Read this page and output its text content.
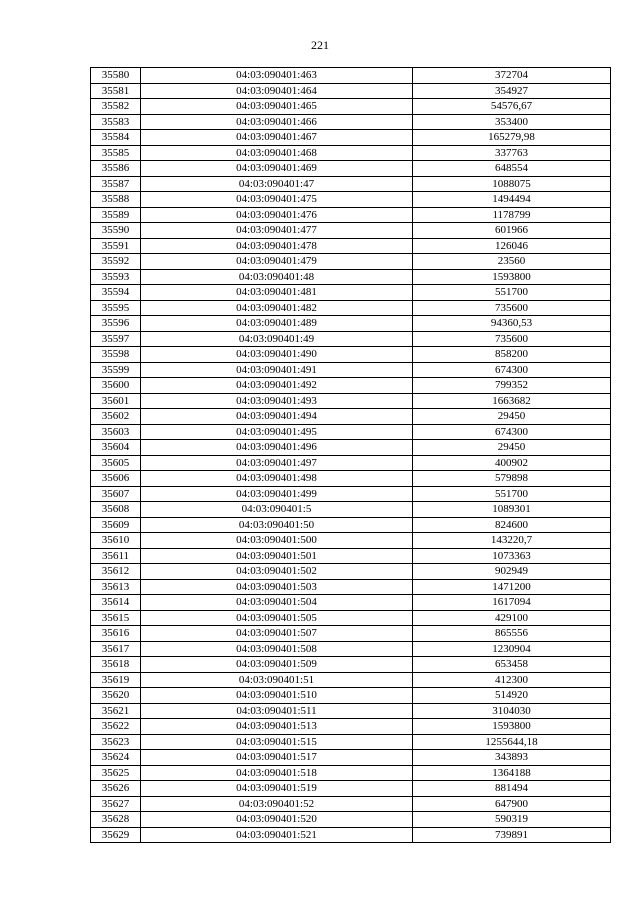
221
35580	04:03:090401:463	372704
35581	04:03:090401:464	354927
35582	04:03:090401:465	54576,67
35583	04:03:090401:466	353400
35584	04:03:090401:467	165279,98
35585	04:03:090401:468	337763
35586	04:03:090401:469	648554
35587	04:03:090401:47	1088075
35588	04:03:090401:475	1494494
35589	04:03:090401:476	1178799
35590	04:03:090401:477	601966
35591	04:03:090401:478	126046
35592	04:03:090401:479	23560
35593	04:03:090401:48	1593800
35594	04:03:090401:481	551700
35595	04:03:090401:482	735600
35596	04:03:090401:489	94360,53
35597	04:03:090401:49	735600
35598	04:03:090401:490	858200
35599	04:03:090401:491	674300
35600	04:03:090401:492	799352
35601	04:03:090401:493	1663682
35602	04:03:090401:494	29450
35603	04:03:090401:495	674300
35604	04:03:090401:496	29450
35605	04:03:090401:497	400902
35606	04:03:090401:498	579898
35607	04:03:090401:499	551700
35608	04:03:090401:5	1089301
35609	04:03:090401:50	824600
35610	04:03:090401:500	143220,7
35611	04:03:090401:501	1073363
35612	04:03:090401:502	902949
35613	04:03:090401:503	1471200
35614	04:03:090401:504	1617094
35615	04:03:090401:505	429100
35616	04:03:090401:507	865556
35617	04:03:090401:508	1230904
35618	04:03:090401:509	653458
35619	04:03:090401:51	412300
35620	04:03:090401:510	514920
35621	04:03:090401:511	3104030
35622	04:03:090401:513	1593800
35623	04:03:090401:515	1255644,18
35624	04:03:090401:517	343893
35625	04:03:090401:518	1364188
35626	04:03:090401:519	881494
35627	04:03:090401:52	647900
35628	04:03:090401:520	590319
35629	04:03:090401:521	739891
